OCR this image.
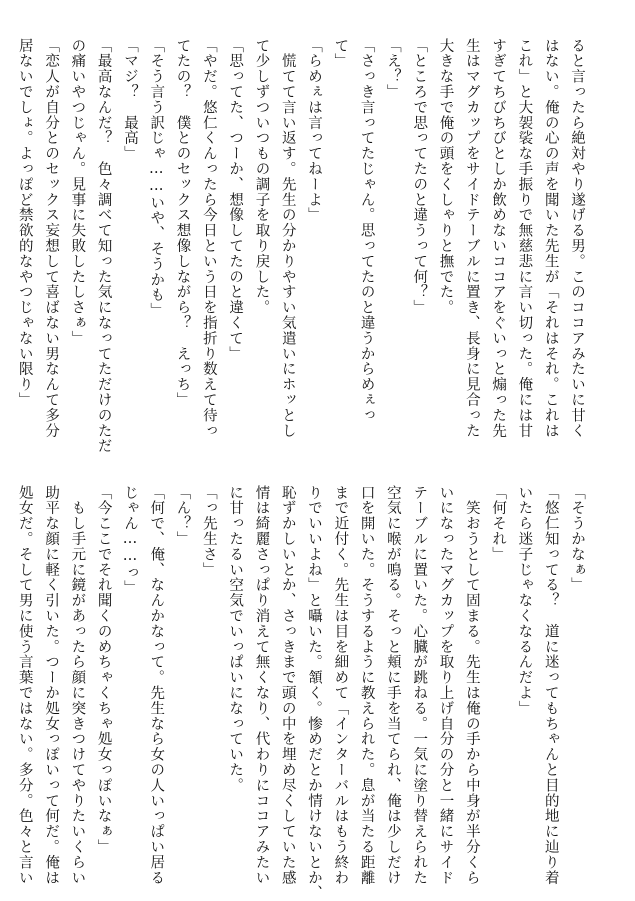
ると言ったら絶対やり遂げる男。このココアみたいに甘く
はない。俺の心の声を聞いた先生が「それはそれ。これは
これ」と大袈裟な手振りで無慈悲に言い切った。俺には甘
すぎてちびちびとしか飲めないココアをぐいっと煽った先
生はマグカップをサイドテーブルに置き、長身に見合った
大きな手で俺の頭をくしゃりと撫でた。
「ところで思ってたのと違うって何？」
「え？」
「さっき言ってたじゃん。思ってたのと違うからめぇっ
て」
「らめぇは言ってねーよ」
　慌てて言い返す。先生の分かりやすい気遣いにホッとし
て少しずついつもの調子を取り戻した。
「思ってた、つーか、想像してたのと違くて」
「やだ。悠仁くんったら今日という日を指折り数えて待っ
てたの？　僕とのセックス想像しながら？　えっち」
「そう言う訳じゃ……いや、そうかも」
「マジ？　最高」
「最高なんだ？　色々調べて知った気になってただけのただ
の痛いやつじゃん。見事に失敗したしさぁ」
「恋人が自分とのセックス妄想して喜ばない男なんて多分
居ないでしょ。よっぽど禁欲的なやつじゃない限り」
「そうかなぁ」
「悠仁知ってる？　道に迷ってもちゃんと目的地に辿り着
いたら迷子じゃなくなるんだよ」
「何それ」
　笑おうとして固まる。先生は俺の手から中身が半分くら
いになったマグカップを取り上げ自分の分と一緒にサイド
テーブルに置いた。心臓が跳ねる。一気に塗り替えられた
空気に喉が鳴る。そっと頬に手を当てられ、俺は少しだけ
口を開いた。そうするように教えられた。息が当たる距離
まで近付く。先生は目を細めて「インターバルはもう終わ
りでいいよね」と囁いた。頷く。惨めだとか情けないとか、
恥ずかしいとか、さっきまで頭の中を埋め尽くしていた感
情は綺麗さっぱり消えて無くなり、代わりにココアみたい
に甘ったるい空気でいっぱいになっていた。
「っ先生さ」
「ん？」
「何で、俺、なんかなって。先生なら女の人いっぱい居る
じゃん……っ」
「今ここでそれ聞くのめちゃくちゃ処女っぽいなぁ」
　もし手元に鏡があったら顔に突きつけてやりたいくらい
助平な顔に軽く引いた。つーか処女っぽいって何だ。俺は
処女だ。そして男に使う言葉ではない。多分。色々と言い
